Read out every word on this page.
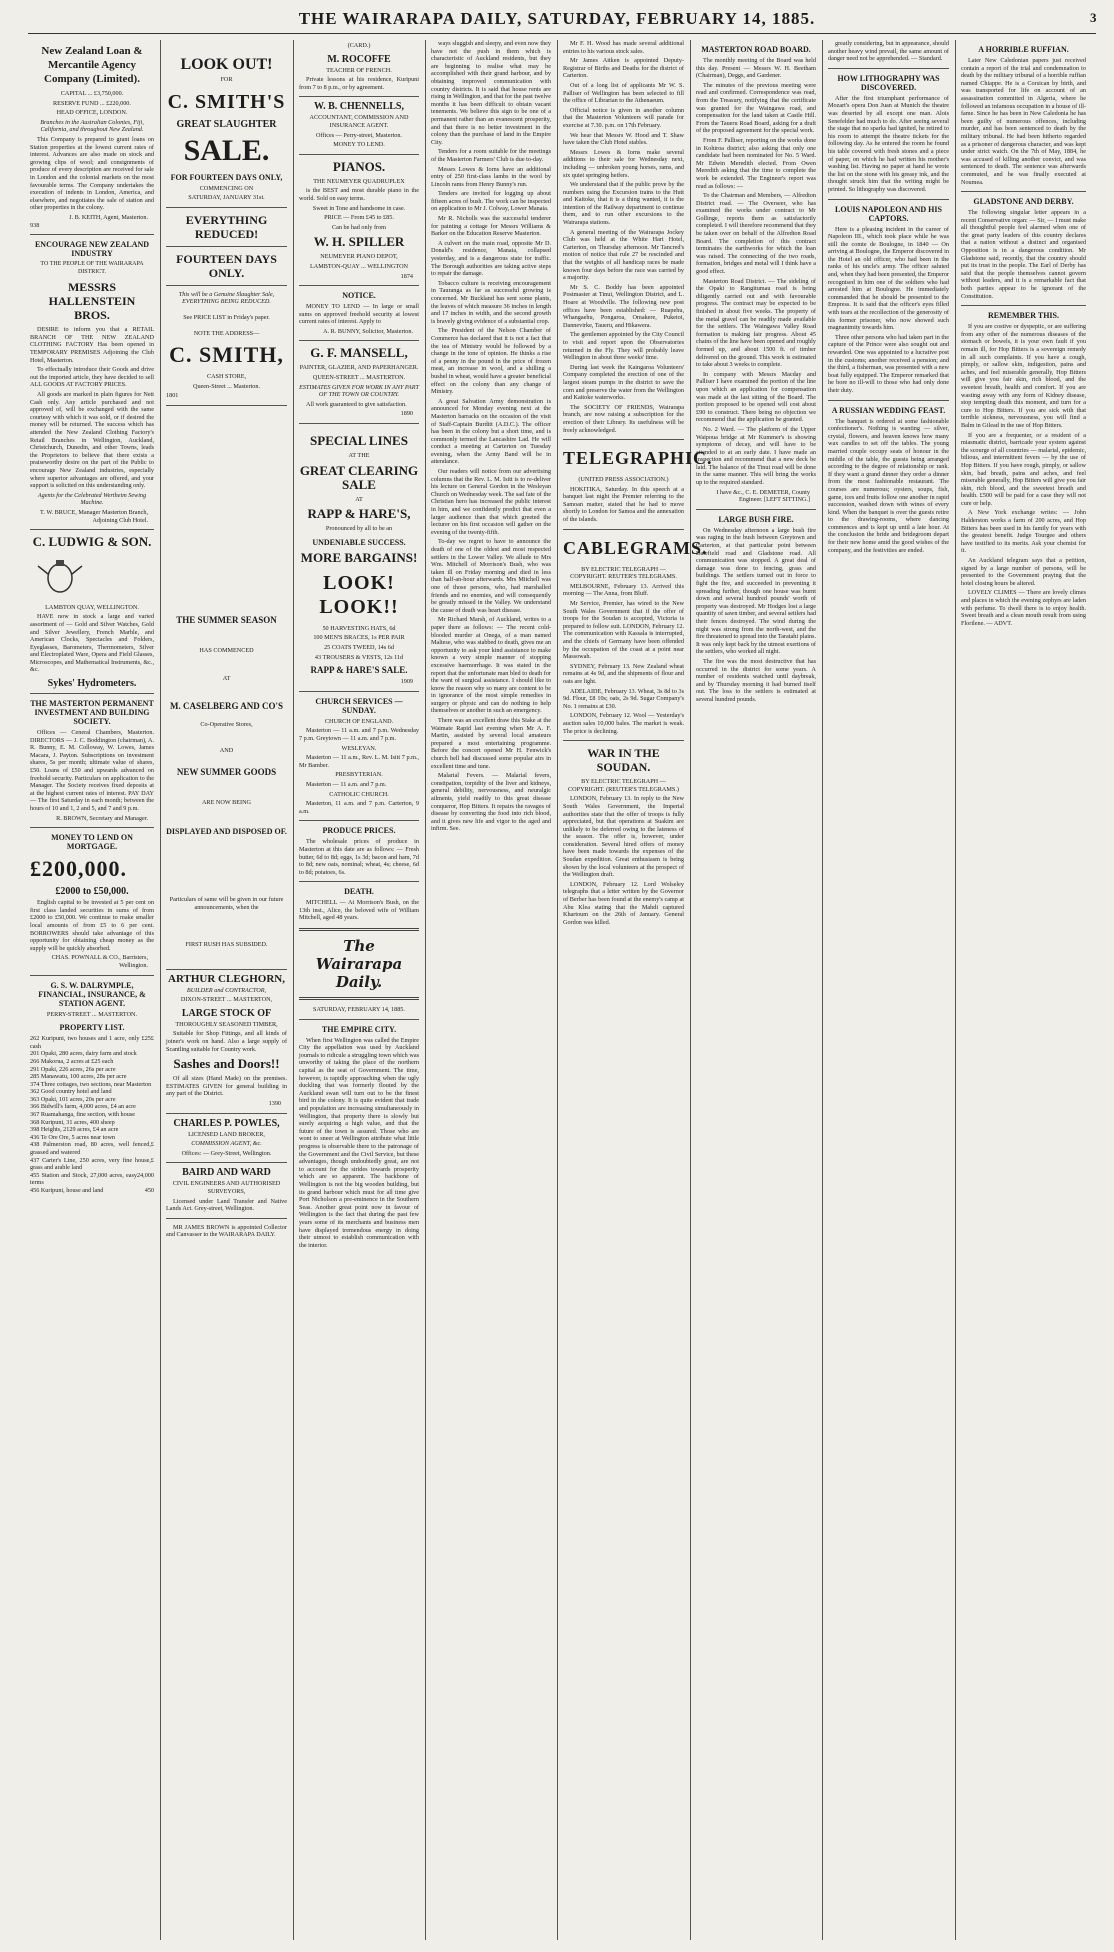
THE WAIRARAPA DAILY, SATURDAY, FEBRUARY 14, 1885.	3
New Zealand Loan & Mercantile Agency Company (Limited).
CAPITAL ... £3,750,000.
RESERVE FUND ... £220,000.
HEAD OFFICE, LONDON.
Branches in the Australian Colonies, Fiji, California, and throughout New Zealand.

This Company is prepared to grant loans on Station properties at the lowest current rates of interest. Advances are also made on stock and growing clips of wool; and consignments of produce of every description are received for sale in London and the colonial markets on the most favourable terms. The Company undertakes the execution of indents in London, America, and elsewhere, and negotiates the sale of station and other properties in the colony.

J. B. KEITH, Agent, Masterton.
938
ENCOURAGE NEW ZEALAND INDUSTRY
TO THE PEOPLE OF THE WAIRARAPA DISTRICT.
MESSRS HALLENSTEIN BROS.

DESIRE to inform you that a RETAIL BRANCH OF THE NEW ZEALAND CLOTHING FACTORY Has been opened in TEMPORARY PREMISES Adjoining the Club Hotel, Masterton.

To effectually introduce their Goods and drive out the imported article, they have decided to sell ALL GOODS AT FACTORY PRICES.

All goods are marked in plain figures for Nett Cash only. Any article purchased and not approved of, will be exchanged with the same courtesy with which it was sold, or if desired the money will be returned. The success which has attended the New Zealand Clothing Factory's Retail Branches in Wellington, Auckland, Christchurch, Dunedin, and other Towns, leads the Proprietors to believe that there exists a praiseworthy desire on the part of the Public to encourage New Zealand industries, especially where superior advantages are offered, and your support is solicited on this understanding only.

Agents for the Celebrated Wertheim Sewing Machine.
T. W. BRUCE, Manager Masterton Branch, Adjoining Club Hotel.
C. LUDWIG & SON.
LAMBTON QUAY, WELLINGTON.

HAVE now in stock a large and varied assortment of — Gold and Silver Watches, Gold and Silver Jewellery, French Marble, and American Clocks, Spectacles and Folders, Eyeglasses, Barometers, Thermometers, Silver and Electroplated Ware, Opera and Field Glasses, Microscopes, and Mathematical Instruments, &c., &c.

Sykes' Hydrometers.
THE MASTERTON PERMANENT INVESTMENT AND BUILDING SOCIETY.

Offices — Ceneral Chambers, Masterton. DIRECTORS — J. C. Boddington (chairman), A. R. Bunny, E. M. Colloway, W. Lowes, James Macara, J. Payton. Subscriptions on investment shares, 5s per month; ultimate value of shares, £50. Loans of £50 and upwards advanced on freehold security. Particulars on application to the Manager. The Society receives fixed deposits at at the highest current rates of interest. PAY DAY — The first Saturday in each month; between the hours of 10 and 1, 2 and 5, and 7 and 9 p.m.

R. BROWN, Secretary and Manager.
MONEY TO LEND ON MORTGAGE.
£200,000.
£2000 to £50,000.

English capital to be invested at 5 per cent on first class landed securities in sums of from £2000 to £50,000. We continue to make smaller local amounts of from £5 to 6 per cent. BORROWERS should take advantage of this opportunity for obtaining cheap money as the supply will be quickly absorbed.

CHAS. POWNALL & CO., Barristers, Wellington.
G. S. W. DALRYMPLE, FINANCIAL, INSURANCE, & STATION AGENT.
PERRY-STREET ... MASTERTON.
PROPERTY LIST.
262 Kuripuni, two houses and 1 acre, only £25 cash
£
201 Opaki, 280 acres, dairy farm and stock
266 Makorua, 2 acres at £25 each
291 Opaki, 226 acres, 26s per acre
285 Manawatu, 100 acres, 28s per acre
374 Three cottages, two sections, near Masterton
362 Good country hotel and land
363 Opaki, 101 acres, 20s per acre
366 Bidwill's farm, 4,000 acres, £4 an acre
367 Ruamahanga, fine section, with house
368 Kuripuni, 31 acres, 400 sheep
398 Heights, 2129 acres, £4 an acre
436 Te Ore Ore, 5 acres near town
438 Palmerston road, 80 acres, well fenced, grassed and watered
£
437 Carter's Line, 250 acres, very fine house, grass and arable land
£
455 Station and Stock, 27,000 acres, easy terms
24,000
456 Kuripuni, house and land	450
LOOK OUT!
FOR
C. SMITH'S
GREAT SLAUGHTER
SALE.
FOR FOURTEEN DAYS ONLY,
COMMENCING ON
SATURDAY, JANUARY 31st.
EVERYTHING REDUCED!
FOURTEEN DAYS ONLY.
This will be a Genuine Slaughter Sale, EVERYTHING BEING REDUCED.
See PRICE LIST in Friday's paper.
NOTE THE ADDRESS—
C. SMITH,
CASH STORE,
Queen-Street ... Masterton.
1801
THE SUMMER SEASON
HAS COMMENCED
AT
M. CASELBERG AND CO'S
Co-Operative Stores,
AND
NEW SUMMER GOODS
ARE NOW BEING
DISPLAYED AND DISPOSED OF.
Particulars of same will be given in our future announcements, when the
FIRST RUSH HAS SUBSIDED.
ARTHUR CLEGHORN,
BUILDER and CONTRACTOR,
DIXON-STREET ... MASTERTON,
LARGE STOCK OF
THOROUGHLY SEASONED TIMBER,

Suitable for Shop Fittings, and all kinds of joiner's work on hand. Also a large supply of Scantling suitable for Country work.

Sashes and Doors!!

Of all sizes (Hand Made) on the premises. ESTIMATES GIVEN for general building in any part of the District.

1390
CHARLES P. POWLES,
LICENSED LAND BROKER,
COMMISSION AGENT, &c.
Offices: — Grey-Street, Wellington.
BAIRD AND WARD
CIVIL ENGINEERS AND AUTHORISED SURVEYORS,

Licensed under Land Transfer and Native Lands Act. Grey-street, Wellington.

MR JAMES BROWN is appointed Collector and Canvasser to the WAIRARAPA DAILY.

(CARD.)
M. ROCOFFE
TEACHER OF FRENCH.

Private lessons at his residence, Kuripuni from 7 to 8 p.m., or by agreement.

W. B. CHENNELLS,
ACCOUNTANT, COMMISSION AND INSURANCE AGENT.
Offices — Perry-street, Masterton.
MONEY TO LEND.
PIANOS.
THE NEUMEYER QUADRUPLEX

is the BEST and most durable piano in the world. Sold on easy terms.

Sweet in Tone and handsome in case.
PRICE — From £45 to £85.
Can be had only from
W. H. SPILLER
NEUMEYER PIANO DEPOT,
LAMBTON-QUAY ... WELLINGTON
1874
NOTICE.

MONEY TO LEND — In large or small sums on approved freehold security at lowest current rates of interest. Apply to

A. R. BUNNY, Solicitor, Masterton.
G. F. MANSELL,
PAINTER, GLAZIER, AND PAPERHANGER.
QUEEN-STREET ... MASTERTON.
ESTIMATES GIVEN FOR WORK IN ANY PART OF THE TOWN OR COUNTRY.

All work guaranteed to give satisfaction.

1890
SPECIAL LINES
AT THE
GREAT CLEARING SALE
AT
RAPP & HARE'S,
Pronounced by all to be an
UNDENIABLE SUCCESS.
MORE BARGAINS!
LOOK! LOOK!!
50 HARVESTING HATS, 6d
100 MEN'S BRACES, 1s PER PAIR
25 COATS TWEED, 14s 6d
43 TROUSERS & VESTS, 12s 11d
RAPP & HARE'S SALE.
1909
CHURCH SERVICES — SUNDAY.
CHURCH OF ENGLAND.

Masterton — 11 a.m. and 7 p.m. Wednesday 7 p.m. Greytown — 11 a.m. and 7 p.m.

WESLEYAN.

Masterton — 11 a.m., Rev. L. M. Isitt 7 p.m., Mr Bamber.

PRESBYTERIAN.

Masterton — 11 a.m. and 7 p.m.

CATHOLIC CHURCH.

Masterton, 11 a.m. and 7 p.m. Carterton, 9 a.m.

PRODUCE PRICES.

The wholesale prices of produce in Masterton at this date are as follows: — Fresh butter, 6d to 8d; eggs, 1s 3d; bacon and ham, 7d to 8d; new oats, nominal; wheat, 4s; cheese, 6d to 8d; potatoes, 6s.

DEATH.

MITCHELL — At Morrison's Bush, on the 13th inst., Alice, the beloved wife of William Mitchell, aged 48 years.

The Wairarapa Daily.
SATURDAY, FEBRUARY 14, 1885.
THE EMPIRE CITY.

When first Wellington was called the Empire City the appellation was used by Auckland journals to ridicule a struggling town which was unworthy of taking the place of the northern capital as the seat of Government. The time, however, is rapidly approaching when the ugly duckling that was formerly flouted by the Auckland swan will turn out to be the finest bird in the colony. It is quite evident that trade and population are increasing simultaneously in Wellington, that property there is slowly but surely acquiring a high value, and that the future of the town is assured. Those who are wont to sneer at Wellington attribute what little progress is observable there to the patronage of the Government and the Civil Service, but these advantages, though undoubtedly great, are not to account for the strides towards prosperity which are so apparent. The backbone of Wellington is not the big wooden building, but its grand harbour which must for all time give Port Nicholson a pre-eminence in the Southern Seas. Another great point now in favour of Wellington is the fact that during the past few years some of its merchants and business men have displayed tremendous energy in doing their utmost to establish communication with the interior.

ways sluggish and sleepy, and even now they have not the push in them which is characteristic of Auckland residents, but they are beginning to realise what may be accomplished with their grand harbour, and by obtaining improved communication with country districts. It is said that house rents are rising in Wellington, and that for the past twelve months it has been difficult to obtain vacant tenements. We believe this sign to be one of a permanent rather than an evanescent prosperity, and that there is no better investment in the colony than the purchase of land in the Empire City.

Tenders for a room suitable for the meetings of the Masterton Farmers' Club is due to-day.

Messrs Lowes & Iorns have an additional entry of 250 first-class lambs in the wool by Lincoln rams from Henry Bunny's run.

Tenders are invited for logging up about fifteen acres of bush. The work can be inspected on application to Mr J. Colway, Lower Manaia.

Mr R. Nicholls was the successful tenderer for painting a cottage for Messrs Williams & Barker on the Education Reserve Masterton.

A culvert on the main road, opposite Mr D. Donald's residence, Manaia, collapsed yesterday, and is a dangerous state for traffic. The Borough authorities are taking active steps to repair the damage.

Tobacco culture is receiving encouragement in Tauranga as far as successful growing is concerned. Mr Buckland has sent some plants, the leaves of which measure 36 inches in length and 17 inches in width, and the second growth is bravely giving evidence of a substantial crop.

The President of the Nelson Chamber of Commerce has declared that it is not a fact that the tea of Ministry would be followed by a change in the tone of opinion. He thinks a rise of a penny in the pound in the price of frozen meat, an increase in wool, and a shilling a bushel in wheat, would have a greater beneficial effect on the colony than any change of Ministry.

A great Salvation Army demonstration is announced for Monday evening next at the Masterton barracks on the occasion of the visit of Staff-Captain Burditt (A.D.C.). The officer has been in the colony but a short time, and is commonly termed the Lancashire Lad. He will conduct a meeting at Carterton on Tuesday evening, when the Army Band will be in attendance.

Our readers will notice from our advertising columns that the Rev. L. M. Isitt is to re-deliver his lecture on General Gordon in the Wesleyan Church on Wednesday week. The sad fate of the Christian hero has increased the public interest in him, and we confidently predict that even a larger audience than that which greeted the lecturer on his first occasion will gather on the evening of the twenty-fifth.

To-day we regret to have to announce the death of one of the oldest and most respected settlers in the Lower Valley. We allude to Mrs Wm. Mitchell of Morrison's Bush, who was taken ill on Friday morning and died in less than half-an-hour afterwards. Mrs Mitchell was one of those persons, who, had marshalled friends and no enemies, and will consequently be greatly missed in the Valley. We understand the cause of death was heart disease.

Mr Richard Marsh, of Auckland, writes to a paper there as follows: — The recent cold-blooded murder at Onega, of a man named Maltese, who was stabbed to death, gives me an opportunity to ask your kind assistance to make known a very simple manner of stopping excessive haemorrhage. It was stated in the report that the unfortunate man bled to death for the want of surgical assistance. I should like to know the reason why so many are content to be in ignorance of the most simple remedies in surgery or physic and can do nothing to help themselves or another in such an emergency.

There was an excellent draw this Stake at the Waimate Rapid last evening when Mr A. F. Martin, assisted by several local amateurs prepared a most entertaining programme. Before the concert opened Mr H. Fenwick's church bell had discussed some popular airs in excellent time and tune.

Malarial Fevers. — Malarial fevers, constipation, torpidity of the liver and kidneys, general debility, nervousness, and neuralgic ailments, yield readily to this great disease conqueror, Hop Bitters. It repairs the ravages of disease by converting the food into rich blood, and it gives new life and vigor to the aged and infirm. See.

Mr F. H. Wood has made several additional entries to his various stock sales.

Mr James Aitken is appointed Deputy-Registrar of Births and Deaths for the district of Carterton.

Out of a long list of applicants Mr W. S. Palliser of Wellington has been selected to fill the office of Librarian to the Athenaeum.

Official notice is given in another column that the Masterton Volunteers will parade for exercise at 7.30. p.m. on 17th February.

We hear that Messrs W. Hood and T. Shaw have taken the Club Hotel stables.

Messrs Lowes & Iorns make several additions to their sale for Wednesday next, including — unbroken young horses, rams, and six quiet springing heifers.

We understand that if the public prove by the numbers using the Excursion trains to the Hutt and Kaitoke, that it is a thing wanted, it is the intention of the Railway department to continue them, and to run other excursions to the Wairarapa stations.

A general meeting of the Wairarapa Jockey Club was held at the White Hart Hotel, Carterton, on Thursday afternoon. Mr Tancred's motion of notice that rule 27 be rescinded and that the weights of all handicap races be made known four days before the race was carried by a majority.

Mr S. C. Boddy has been appointed Postmaster at Tinui, Wellington District, and L. Hoare at Woodville. The following new post offices have been established: — Ruapehu, Whangaehu, Pongaroa, Omakere, Puketoi, Dannevirke, Taueru, and Hikawera.

The gentlemen appointed by the City Council to visit and report upon the Observatories returned in the Fly. They will probably leave Wellington in about three weeks' time.

During last week the Kaingaroa Volunteers' Company completed the erection of one of the largest steam pumps in the district to save the corn and preserve the water from the Wellington and Kaitoke waterworks.

The SOCIETY OF FRIENDS, Wairarapa branch, are now raising a subscription for the erection of their Library. Its usefulness will be freely acknowledged.

TELEGRAPHIC.
(UNITED PRESS ASSOCIATION.)

HOKITIKA, Saturday. In this speech at a banquet last night the Premier referring to the Samoan matter, stated that he had to move shortly to London for Samoa and the annexation of the islands.

CABLEGRAMS.
BY ELECTRIC TELEGRAPH — COPYRIGHT. REUTER'S TELEGRAMS.

MELBOURNE, February 13. Arrived this morning — The Anna, from Bluff.

Mr Service, Premier, has wired to the New South Wales Government that if the offer of troops for the Soudan is accepted, Victoria is prepared to follow suit. LONDON, February 12. The communication with Kassala is interrupted, and the chiefs of Germany have been offended by the occupation of the coast at a point near Massowah.

SYDNEY, February 13. New Zealand wheat remains at 4s 9d, and the shipments of flour and oats are light.

ADELAIDE, February 13. Wheat, 3s 8d to 3s 9d. Flour, £8 10s; oats, 2s 9d. Sugar Company's No. 1 remains at £30.

LONDON, February 12. Wool — Yesterday's auction sales 10,000 bales. The market is weak. The price is declining.

WAR IN THE SOUDAN.
BY ELECTRIC TELEGRAPH — COPYRIGHT. (REUTER'S TELEGRAMS.)

LONDON, February 13. In reply to the New South Wales Government, the Imperial authorities state that the offer of troops is fully appreciated, but that operations at Suakim are unlikely to be deferred owing to the lateness of the season. The offer is, however, under consideration. Several hired offers of money have been made towards the expenses of the Soudan expedition. Great enthusiasm is being shown by the local volunteers at the prospect of the Wellington draft.

LONDON, February 12. Lord Wolseley telegraphs that a letter written by the Governor of Berber has been found at the enemy's camp at Abu Klea stating that the Mahdi captured Khartoum on the 26th of January. General Gordon was killed.

MASTERTON ROAD BOARD.

The monthly meeting of the Board was held this day. Present — Messrs W. H. Beetham (Chairman), Deggs, and Gardener.

The minutes of the previous meeting were read and confirmed. Correspondence was read, from the Treasury, notifying that the certificate was granted for the Waingawa road, and compensation for the land taken at Castle Hill. From the Taueru Road Board, asking for a draft of the proposed agreement for the special work.

From F. Palliser, reporting on the works done in Kohiroa district; also asking that only one candidate had been nominated for No. 5 Ward. Mr Edwin Meredith elected. From Owen Meredith asking that the time to complete the work be extended. The Engineer's report was read as follows: —

To the Chairman and Members, — Alfredton District road. — The Overseer, who has examined the works under contract to Mr Gollinge, reports them as satisfactorily completed. I will therefore recommend that they be taken over on behalf of the Alfredton Road Board. The completion of this contract terminates the earthworks for which the loan was raised. The connecting of the two roads, formation, bridges and metal will I think have a good effect.

Masterton Road District. — The sideling of the Opaki to Rangitumau road is being diligently carried out and with favourable progress. The contract may be expected to be finished in about five weeks. The property of the metal gravel can be readily made available for the settlers. The Waingawa Valley Road formation is making fair progress. About 45 chains of the line have been opened and roughly formed up, and about 1500 ft. of timber delivered on the ground. This work is estimated to take about 3 weeks to complete.

In company with Messrs Macday and Palliser I have examined the portion of the line upon which an application for compensation was made at the last sitting of the Board. The portion proposed to be opened will cost about £90 to construct. There being no objection we recommend that the application be granted.

No. 2 Ward. — The platform of the Upper Waipoua bridge at Mr Kummer's is showing symptoms of decay, and will have to be attended to at an early date. I have made an inspection and recommend that a new deck be laid. The balance of the Tinui road will be done in the same manner. This will bring the works up to the required standard.

I have &c., C. E. DEMETER, County Engineer. [LEFT SITTING.]
LARGE BUSH FIRE.

On Wednesday afternoon a large bush fire was raging in the bush between Greytown and Carterton, at that particular point between Dalefield road and Gladstone road. All communication was stopped. A great deal of damage was done to fencing, grass and buildings. The settlers turned out in force to fight the fire, and succeeded in preventing it spreading further, though one house was burnt down and several hundred pounds' worth of property was destroyed. Mr Hodges lost a large quantity of sawn timber, and several settlers had their fences destroyed. The wind during the night was strong from the north-west, and the fire threatened to spread into the Taratahi plains. It was only kept back by the utmost exertions of the settlers, who worked all night.

The fire was the most destructive that has occurred in the district for some years. A number of residents watched until daybreak, and by Thursday morning it had burned itself out. The loss to the settlers is estimated at several hundred pounds.

greatly considering, but in appearance, should another heavy wind prevail, the same amount of danger need not be apprehended. — Standard.

HOW LITHOGRAPHY WAS DISCOVERED.

After the first triumphant performance of Mozart's opera Don Juan at Munich the theatre was deserted by all except one man. Alois Senefelder had much to do. After seeing several the stage that no sparks had ignited, he retired to his room to attempt the theatre tickets for the following day. As he entered the room he found his table covered with fresh stones and a piece of paper, on which he had written his mother's washing list. Having no paper at hand he wrote the list on the stone with his greasy ink, and the thought struck him that the writing might be printed. So lithography was discovered.

LOUIS NAPOLEON AND HIS CAPTORS.

Here is a pleasing incident in the career of Napoleon III., which took place while he was still the comte de Boulogne, in 1840 — On arriving at Boulogne, the Emperor discovered in the Hotel an old officer, who had been in the ranks of his uncle's army. The officer saluted and, when they had been presented, the Emperor recognised in him one of the soldiers who had arrested him at Boulogne. He immediately commanded that he should be presented to the Empress. It is said that the officer's eyes filled with tears at the recollection of the generosity of his former prisoner, who now showed such magnanimity towards him.

Three other persons who had taken part in the capture of the Prince were also sought out and rewarded. One was appointed to a lucrative post in the customs; another received a pension; and the third, a fisherman, was presented with a new boat fully equipped. The Emperor remarked that he bore no ill-will to those who had only done their duty.

A RUSSIAN WEDDING FEAST.

The banquet is ordered at some fashionable confectioner's. Nothing is wanting — silver, crystal, flowers, and heaven knows how many wax candles to set off the tables. The young married couple occupy seats of honour in the middle of the table, the guests being arranged according to the degree of relationship or rank. If they want a grand dinner they order a dinner from the most fashionable restaurant. The courses are numerous; oysters, soups, fish, game, ices and fruits follow one another in rapid succession, washed down with wines of every kind. When the banquet is over the guests retire to the drawing-rooms, where dancing commences and is kept up until a late hour. At the conclusion the bride and bridegroom depart for their new home amid the good wishes of the company, and the festivities are ended.

A HORRIBLE RUFFIAN.

Later New Caledonian papers just received contain a report of the trial and condemnation to death by the military tribunal of a horrible ruffian named Chiappe. He is a Corsican by birth, and was transported for life on account of an assassination committed in Algeria, where he followed an infamous occupation in a house of ill-fame. Since he has been in New Caledonia he has been guilty of numerous offences, including murder, and has been sentenced to death by the military tribunal. He had been hitherto regarded as a prisoner of dangerous character, and was kept under strict watch. On the 7th of May, 1884, he was accused of killing another convict, and was sentenced to death. The sentence was afterwards commuted, and he was finally executed at Noumea.

GLADSTONE AND DERBY.

The following singular letter appears in a recent Conservative organ: — Sir, — I must make all thoughtful people feel alarmed when one of the great party leaders of this country declares that a nation without a distinct and organised Opposition is in a dangerous condition. Mr Gladstone said, recently, that the country should put its trust in the people. The Earl of Derby has said that the people themselves cannot govern without leaders, and it is a remarkable fact that both parties appear to be ignorant of the Constitution.

REMEMBER THIS.

If you are costive or dyspeptic, or are suffering from any other of the numerous diseases of the stomach or bowels, it is your own fault if you remain ill, for Hop Bitters is a sovereign remedy in all such complaints. If you have a cough, pimply, or sallow skin, indigestion, pains and aches, and feel miserable generally, Hop Bitters will give you fair skin, rich blood, and the sweetest breath, health and comfort. If you are wasting away with any form of Kidney disease, stop tempting death this moment, and turn for a cure to Hop Bitters. If you are sick with that terrible sickness, nervousness, you will find a Balm in Gilead in the use of Hop Bitters.

If you are a frequenter, or a resident of a miasmatic district, barricade your system against the scourge of all countries — malarial, epidemic, bilious, and intermittent fevers — by the use of Hop Bitters. If you have rough, pimply, or sallow skin, bad breath, pains and aches, and feel miserable generally, Hop Bitters will give you fair skin, rich blood, and the sweetest breath and health. £500 will be paid for a case they will not cure or help.

A New York exchange writes: — John Halderston works a farm of 200 acres, and Hop Bitters has been used in his family for years with the greatest benefit. Judge Tourgee and others have testified to its merits. Ask your chemist for it.

An Auckland telegram says that a petition, signed by a large number of persons, will be presented to the Government praying that the hotel closing hours be altered.

LOVELY CLIMES — There are lovely climes and places in which the evening zephyrs are laden with perfume. To dwell there is to enjoy health. Sweet breath and a clean mouth result from using Florilene. — ADVT.
